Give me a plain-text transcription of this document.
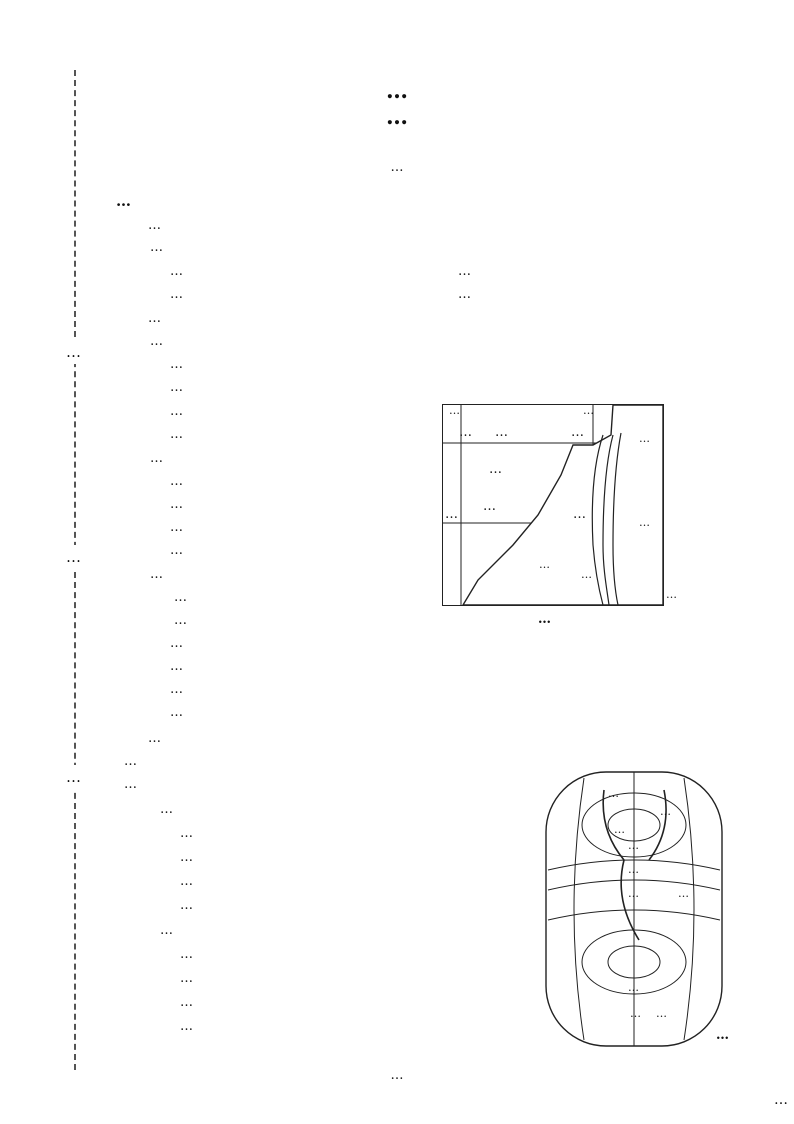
…
…
…
…
…
…
…
…
…
…	…
…	…
…
…
…
…
…
…
…
…
…
…
…
…
…
…
…
…
…
…
…	…
…
…
…	…
…	…
…
…
…
…
…
…
…
…
…
…
…
…
…
…
…
…
…
…
…
…
…
…
…
…
…
…	…
…
… …
…
…
…
